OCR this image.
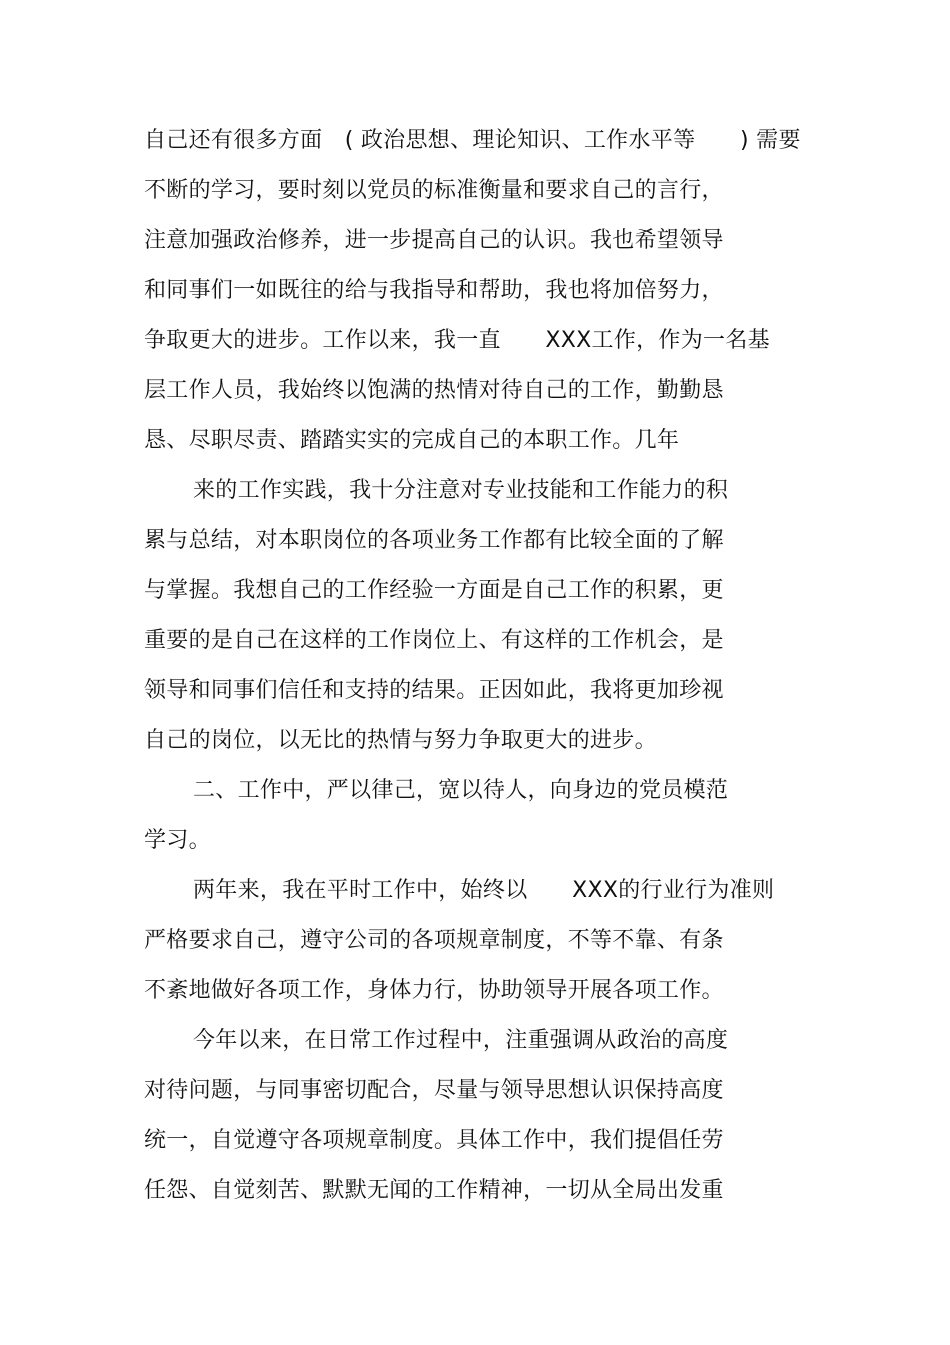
自己还有很多方面　( 政治思想、理论知识、工作水平等　　) 需要
不断的学习，要时刻以党员的标准衡量和要求自己的言行，
注意加强政治修养，进一步提高自己的认识。我也希望领导
和同事们一如既往的给与我指导和帮助，我也将加倍努力，
争取更大的进步。工作以来，我一直　　XXX工作，作为一名基
层工作人员，我始终以饱满的热情对待自己的工作，勤勤恳
恳、尽职尽责、踏踏实实的完成自己的本职工作。几年
来的工作实践，我十分注意对专业技能和工作能力的积
累与总结，对本职岗位的各项业务工作都有比较全面的了解
与掌握。我想自己的工作经验一方面是自己工作的积累，更
重要的是自己在这样的工作岗位上、有这样的工作机会，是
领导和同事们信任和支持的结果。正因如此，我将更加珍视
自己的岗位，以无比的热情与努力争取更大的进步。
二、工作中，严以律己，宽以待人，向身边的党员模范
学习。
两年来，我在平时工作中，始终以　　XXX的行业行为准则
严格要求自己，遵守公司的各项规章制度，不等不靠、有条
不紊地做好各项工作，身体力行，协助领导开展各项工作。
今年以来，在日常工作过程中，注重强调从政治的高度
对待问题，与同事密切配合，尽量与领导思想认识保持高度
统一，自觉遵守各项规章制度。具体工作中，我们提倡任劳
任怨、自觉刻苦、默默无闻的工作精神，一切从全局出发重
